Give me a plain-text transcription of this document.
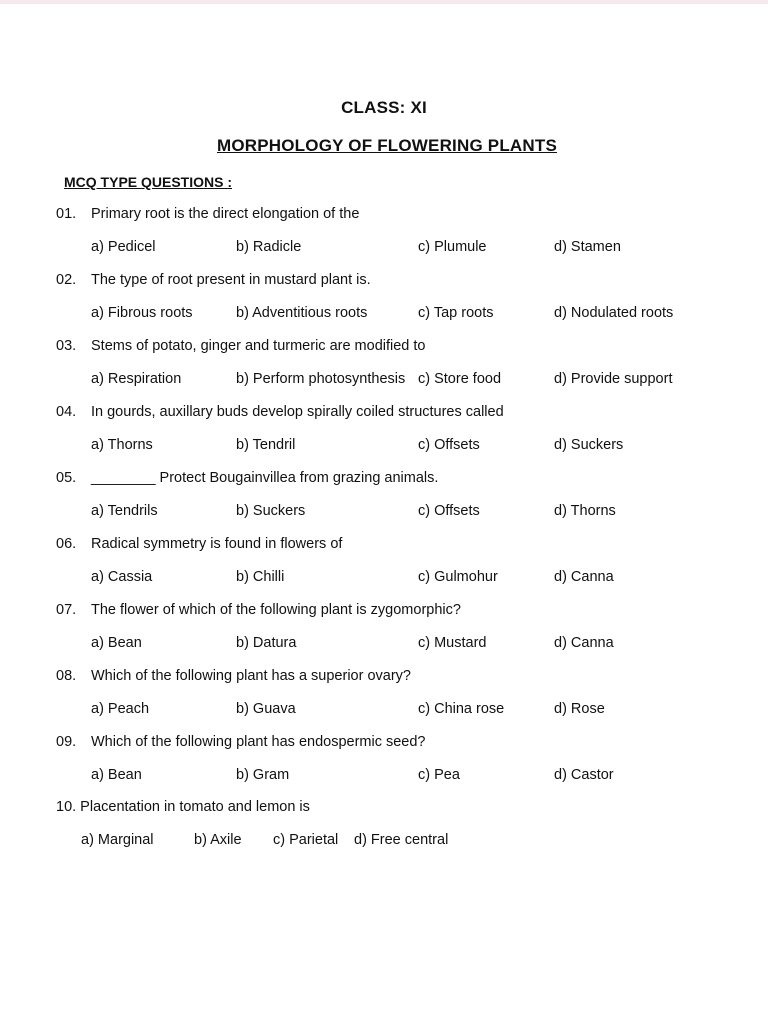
CLASS: XI
MORPHOLOGY OF FLOWERING PLANTS
MCQ TYPE QUESTIONS :
01. Primary root is the direct elongation of the
a) Pedicel	b) Radicle	c) Plumule	d) Stamen
02. The type of root present in mustard plant is.
a) Fibrous roots	b) Adventitious roots	c) Tap roots	d) Nodulated roots
03. Stems of potato, ginger and turmeric are modified to
a) Respiration	b) Perform photosynthesis c) Store food	d) Provide support
04. In gourds, auxillary buds develop spirally coiled structures called
a) Thorns	b) Tendril	c) Offsets	d) Suckers
05. ________ Protect Bougainvillea from grazing animals.
a) Tendrils	b) Suckers	c) Offsets	d) Thorns
06. Radical symmetry is found in flowers of
a) Cassia	b) Chilli	c) Gulmohur	d) Canna
07. The flower of which of the following plant is zygomorphic?
a) Bean	b) Datura	c) Mustard	d) Canna
08. Which of the following plant has a superior ovary?
a) Peach	b) Guava	c) China rose	d) Rose
09. Which of the following plant has endospermic seed?
a) Bean	b) Gram	c) Pea	d) Castor
10. Placentation in tomato and lemon is
a) Marginal	b) Axile c) Parietal d) Free central
